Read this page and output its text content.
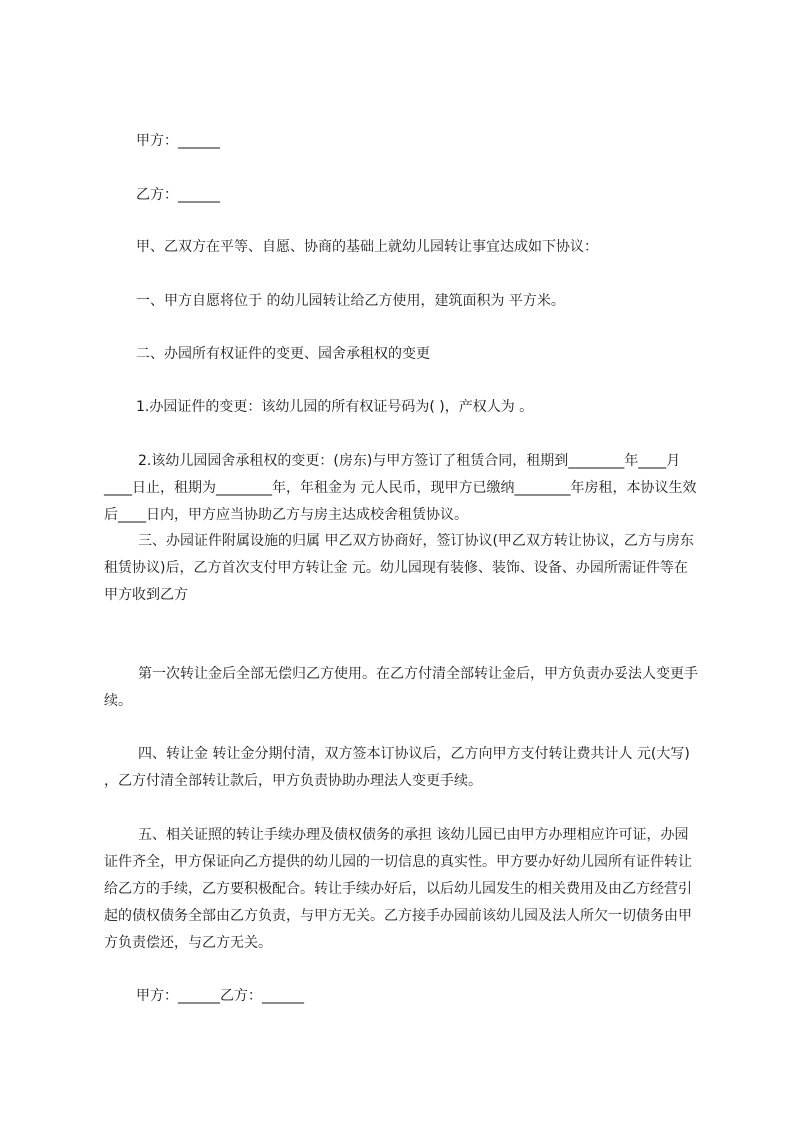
甲方：______

乙方：______

甲、乙双方在平等、自愿、协商的基础上就幼儿园转让事宜达成如下协议：

一、甲方自愿将位于 的幼儿园转让给乙方使用，建筑面积为 平方米。

二、办园所有权证件的变更、园舍承租权的变更

1.办园证件的变更：该幼儿园的所有权证号码为( )，产权人为 。

2.该幼儿园园舍承租权的变更：(房东)与甲方签订了租赁合同，租期到________年____月____日止，租期为________年，年租金为 元人民币，现甲方已缴纳________年房租，本协议生效后____日内，甲方应当协助乙方与房主达成校舍租赁协议。

三、办园证件附属设施的归属 甲乙双方协商好，签订协议(甲乙双方转让协议，乙方与房东租赁协议)后，乙方首次支付甲方转让金 元。幼儿园现有装修、装饰、设备、办园所需证件等在甲方收到乙方

第一次转让金后全部无偿归乙方使用。在乙方付清全部转让金后，甲方负责办妥法人变更手续。

四、转让金 转让金分期付清，双方签本订协议后，乙方向甲方支付转让费共计人 元(大写) ，乙方付清全部转让款后，甲方负责协助办理法人变更手续。

五、相关证照的转让手续办理及债权债务的承担 该幼儿园已由甲方办理相应许可证，办园证件齐全，甲方保证向乙方提供的幼儿园的一切信息的真实性。甲方要办好幼儿园所有证件转让给乙方的手续，乙方要积极配合。转让手续办好后，以后幼儿园发生的相关费用及由乙方经营引起的债权债务全部由乙方负责，与甲方无关。乙方接手办园前该幼儿园及法人所欠一切债务由甲方负责偿还，与乙方无关。

甲方：______乙方：______
